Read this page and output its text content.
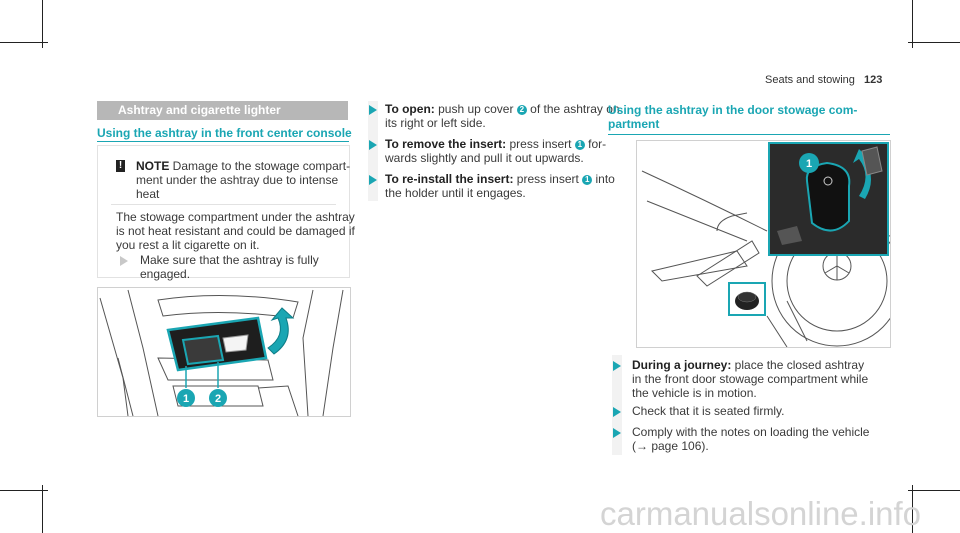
Seats and stowing 123
Ashtray and cigarette lighter
Using the ashtray in the front center console
! NOTE Damage to the stowage compart-
ment under the ashtray due to intense
heat
The stowage compartment under the ashtray
is not heat resistant and could be damaged if
you rest a lit cigarette on it.
Make sure that the ashtray is fully
engaged.
1 2
To open: push up cover 2 of the ashtray on
its right or left side.
To remove the insert: press insert 1 for-
wards slightly and pull it out upwards.
To re-install the insert: press insert 1 into
the holder until it engages.
Using the ashtray in the door stowage com-
partment
1
During a journey: place the closed ashtray
in the front door stowage compartment while
the vehicle is in motion.
Check that it is seated firmly.
Comply with the notes on loading the vehicle
(→ page 106).
carmanualsonline.info
